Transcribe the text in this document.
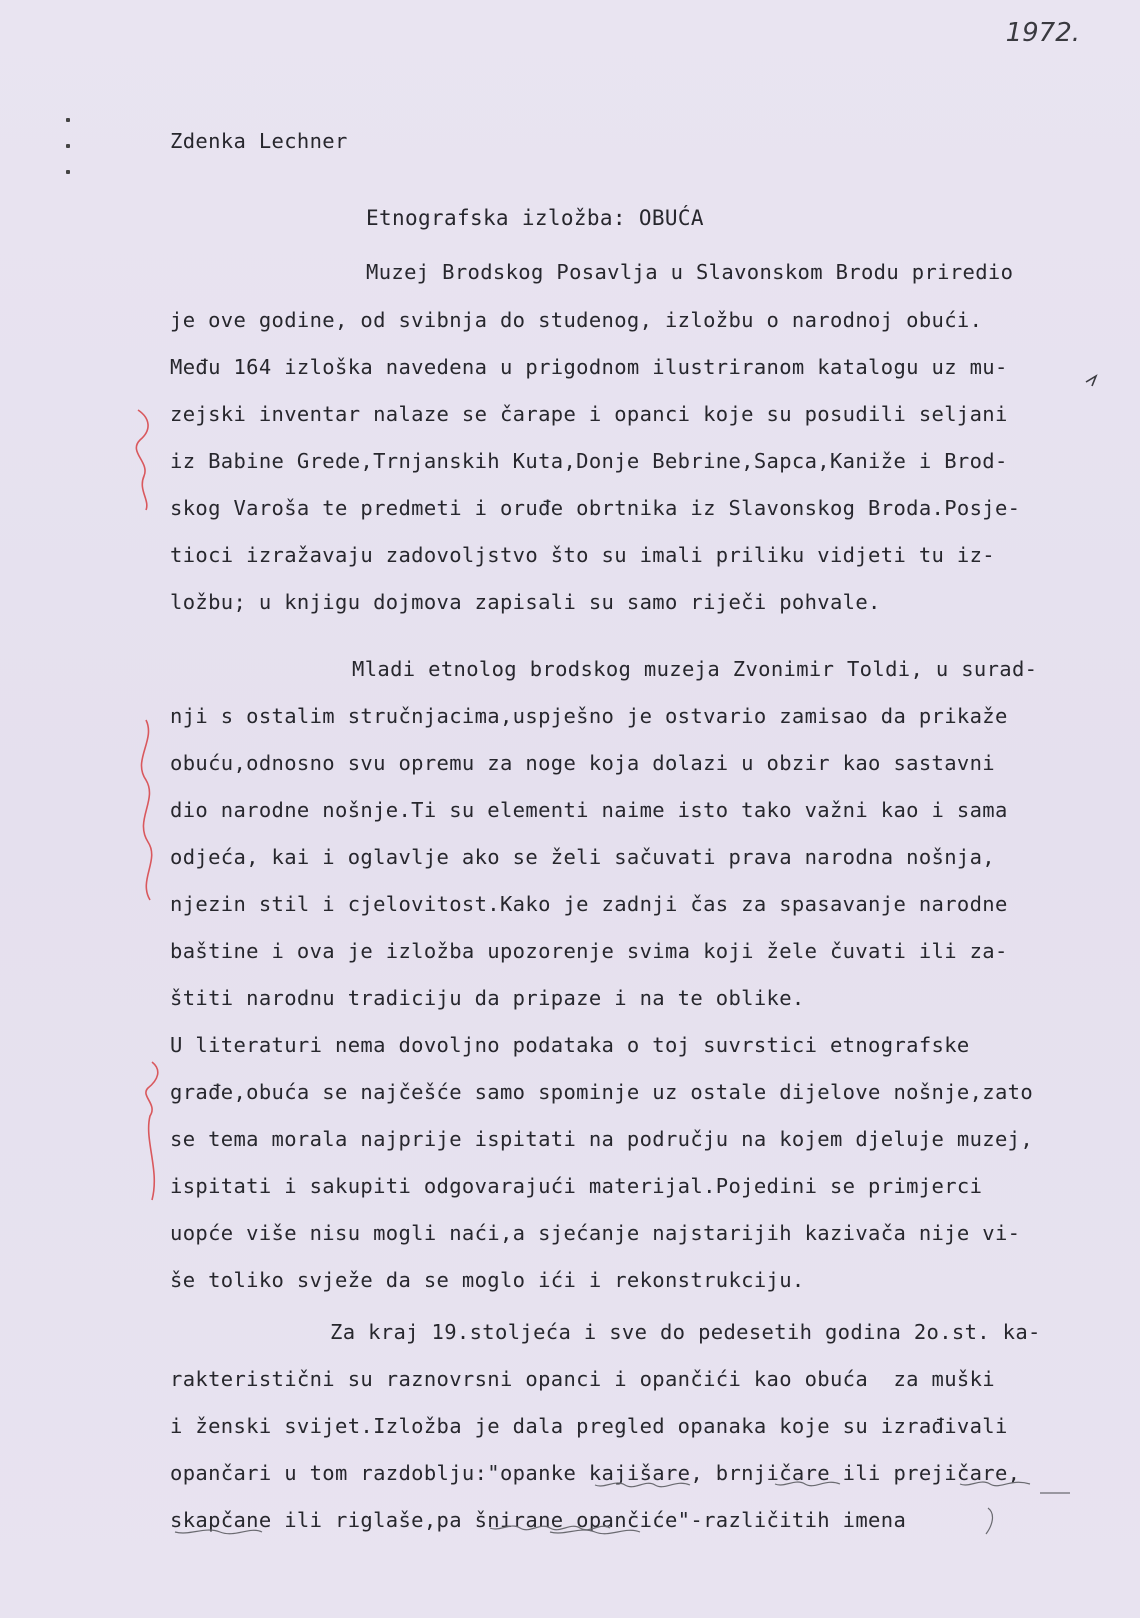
1972.
Zdenka Lechner
Etnografska izložba: OBUĆA
Muzej Brodskog Posavlja u Slavonskom Brodu priredio
je ove godine, od svibnja do studenog, izložbu o narodnoj obući.
Među 164 izloška navedena u prigodnom ilustriranom katalogu uz mu-
zejski inventar nalaze se čarape i opanci koje su posudili seljani
iz Babine Grede,Trnjanskih Kuta,Donje Bebrine,Sapca,Kaniže i Brod-
skog Varoša te predmeti i oruđe obrtnika iz Slavonskog Broda.Posje-
tioci izražavaju zadovoljstvo što su imali priliku vidjeti tu iz-
ložbu; u knjigu dojmova zapisali su samo riječi pohvale.
Mladi etnolog brodskog muzeja Zvonimir Toldi, u surad-
nji s ostalim stručnjacima,uspješno je ostvario zamisao da prikaže
obuću,odnosno svu opremu za noge koja dolazi u obzir kao sastavni
dio narodne nošnje.Ti su elementi naime isto tako važni kao i sama
odjeća, kai i oglavlje ako se želi sačuvati prava narodna nošnja,
njezin stil i cjelovitost.Kako je zadnji čas za spasavanje narodne
baštine i ova je izložba upozorenje svima koji žele čuvati ili za-
štiti narodnu tradiciju da pripaze i na te oblike.
U literaturi nema dovoljno podataka o toj suvrstici etnografske
građe,obuća se najčešće samo spominje uz ostale dijelove nošnje,zato
se tema morala najprije ispitati na području na kojem djeluje muzej,
ispitati i sakupiti odgovarajući materijal.Pojedini se primjerci
uopće više nisu mogli naći,a sjećanje najstarijih kazivača nije vi-
še toliko svježe da se moglo ići i rekonstrukciju.
Za kraj 19.stoljeća i sve do pedesetih godina 2o.st. ka-
rakteristični su raznovrsni opanci i opančići kao obuća  za muški
i ženski svijet.Izložba je dala pregled opanaka koje su izrađivali
opančari u tom razdoblju:"opanke kajišare, brnjičare ili prejičare,
skapčane ili riglaše,pa šnirane opančiće"-različitih imena
